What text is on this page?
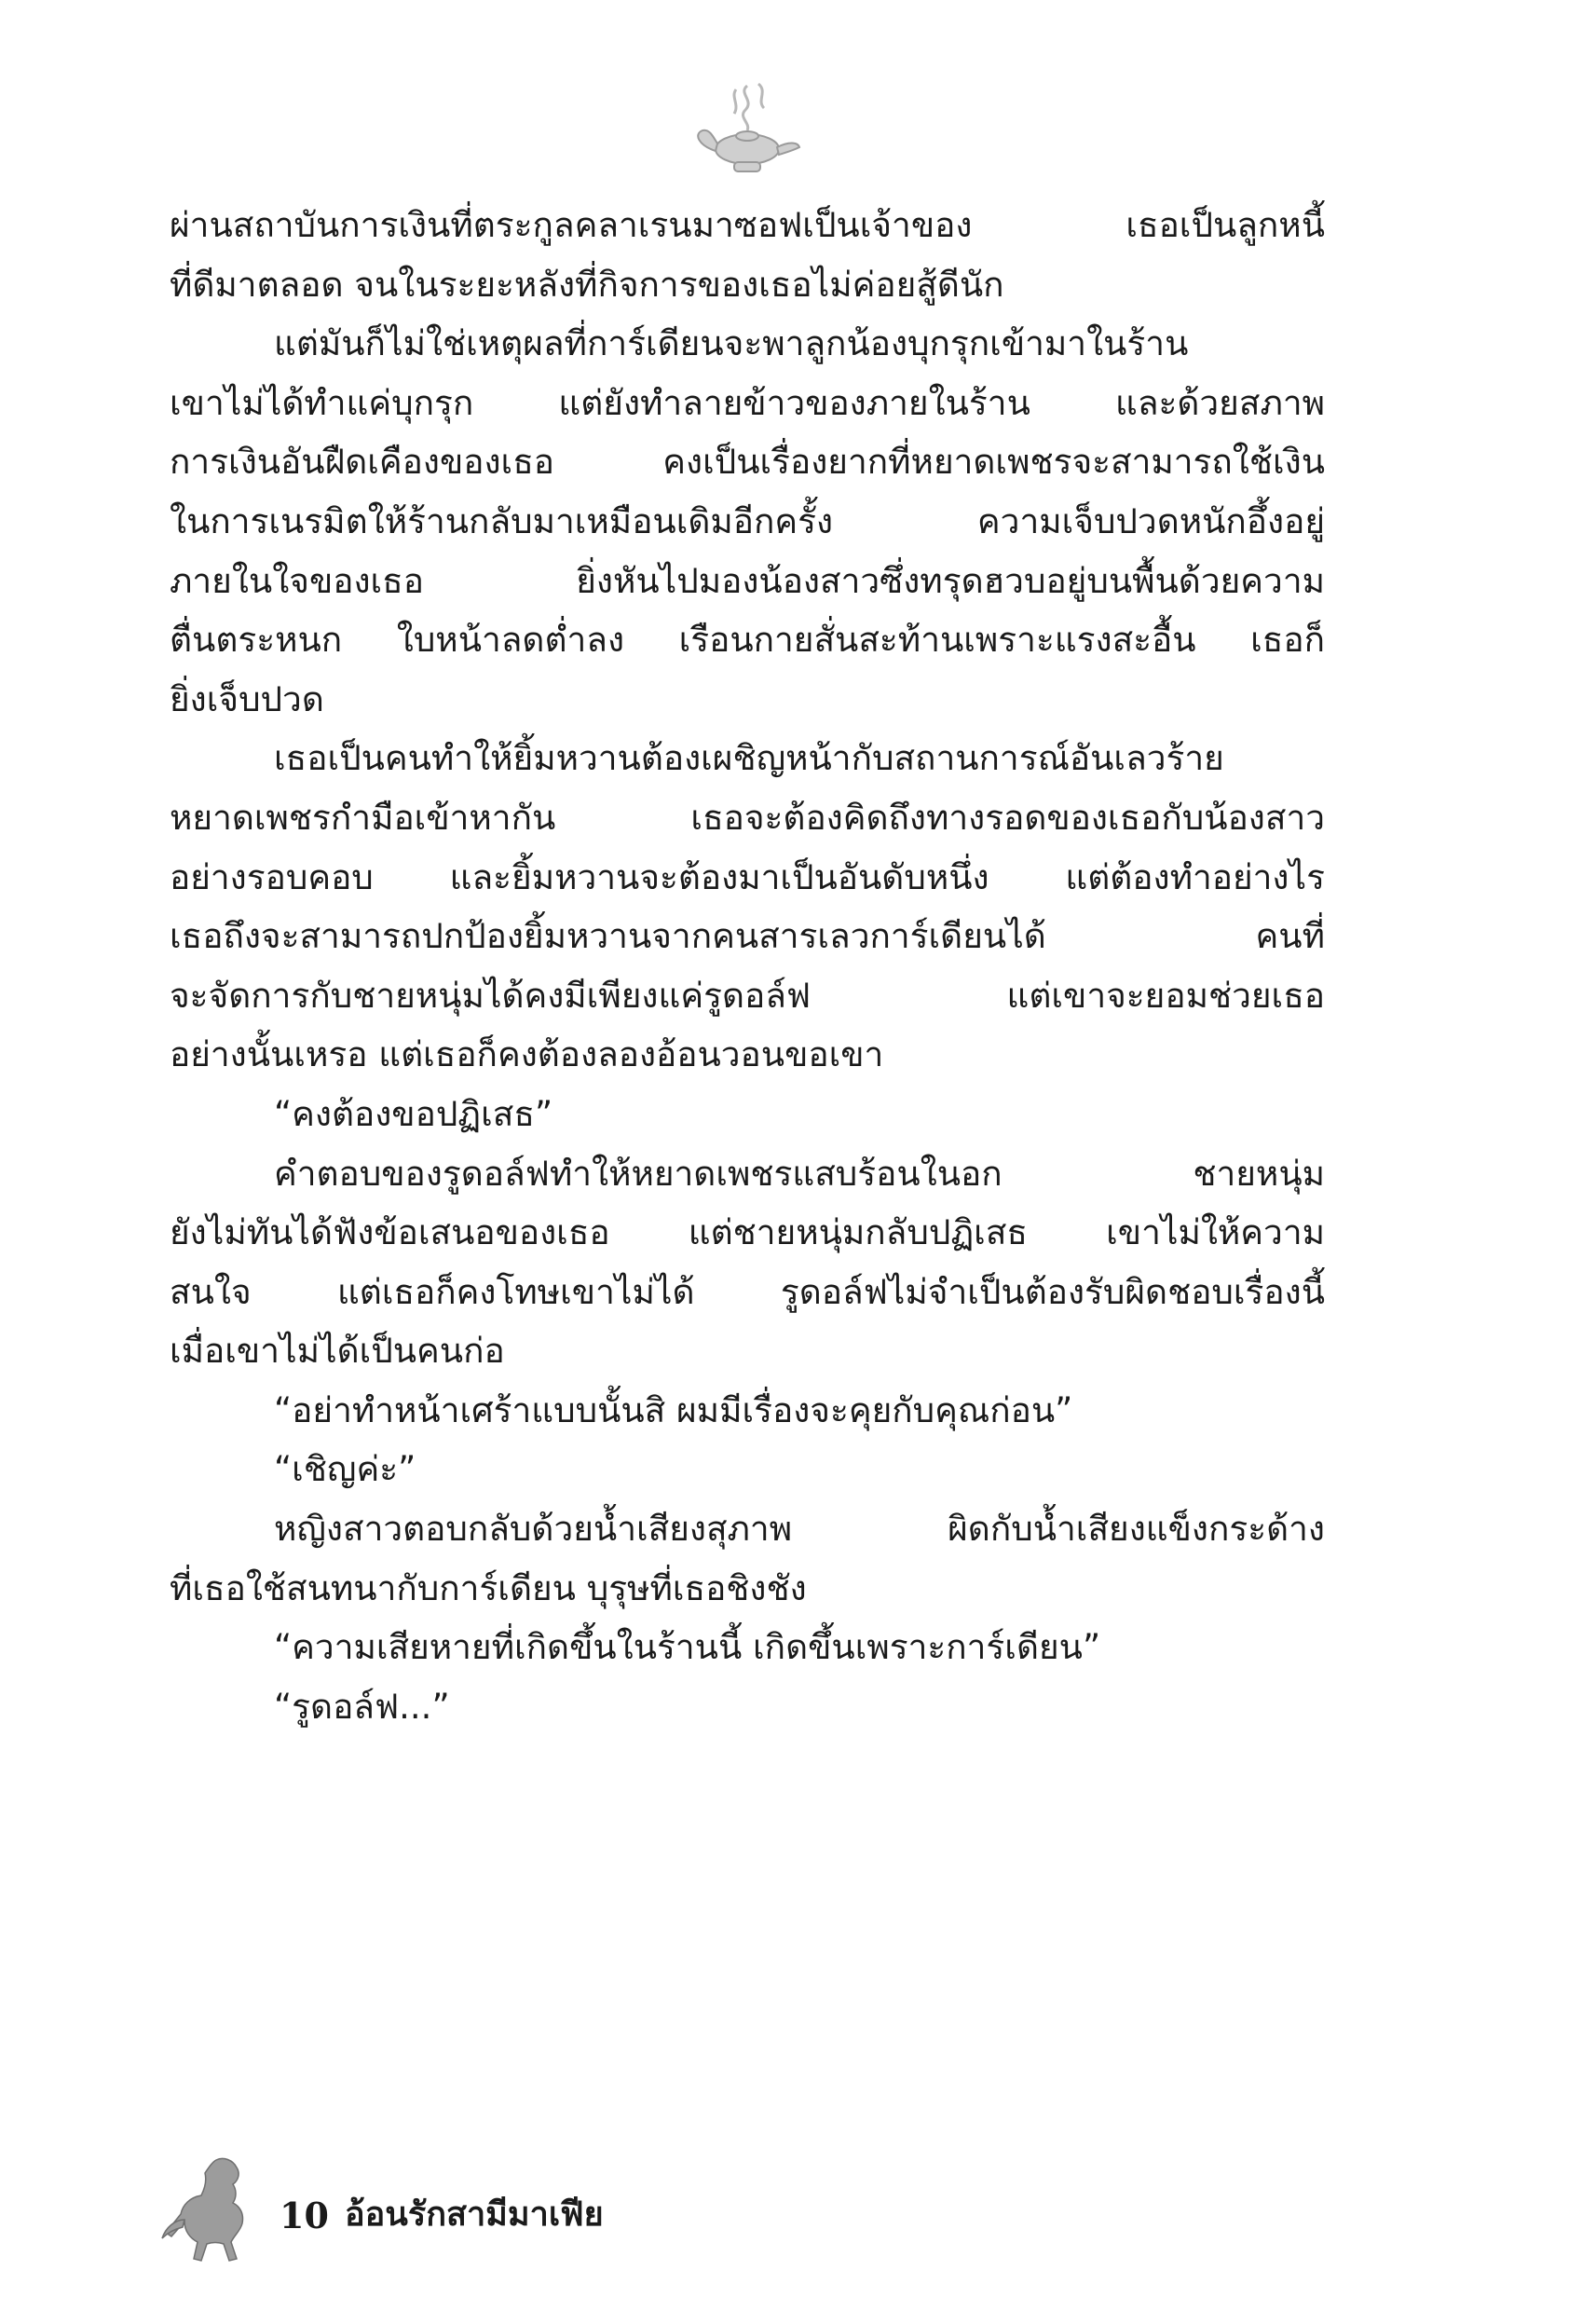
ผ่านสถาบันการเงินที่ตระกูลคลาเรนมาซอฟเป็นเจ้าของ เธอเป็นลูกหนี้
ที่ดีมาตลอด จนในระยะหลังที่กิจการของเธอไม่ค่อยสู้ดีนัก
แต่มันก็ไม่ใช่เหตุผลที่การ์เดียนจะพาลูกน้องบุกรุกเข้ามาในร้าน
เขาไม่ได้ทำแค่บุกรุก แต่ยังทำลายข้าวของภายในร้าน และด้วยสภาพ
การเงินอันฝืดเคืองของเธอ คงเป็นเรื่องยากที่หยาดเพชรจะสามารถใช้เงิน
ในการเนรมิตให้ร้านกลับมาเหมือนเดิมอีกครั้ง ความเจ็บปวดหนักอึ้งอยู่
ภายในใจของเธอ ยิ่งหันไปมองน้องสาวซึ่งทรุดฮวบอยู่บนพื้นด้วยความ
ตื่นตระหนก ใบหน้าลดต่ำลง เรือนกายสั่นสะท้านเพราะแรงสะอื้น เธอก็
ยิ่งเจ็บปวด
เธอเป็นคนทำให้ยิ้มหวานต้องเผชิญหน้ากับสถานการณ์อันเลวร้าย
หยาดเพชรกำมือเข้าหากัน เธอจะต้องคิดถึงทางรอดของเธอกับน้องสาว
อย่างรอบคอบ และยิ้มหวานจะต้องมาเป็นอันดับหนึ่ง แต่ต้องทำอย่างไร
เธอถึงจะสามารถปกป้องยิ้มหวานจากคนสารเลวการ์เดียนได้ คนที่
จะจัดการกับชายหนุ่มได้คงมีเพียงแค่รูดอล์ฟ แต่เขาจะยอมช่วยเธอ
อย่างนั้นเหรอ แต่เธอก็คงต้องลองอ้อนวอนขอเขา
“คงต้องขอปฏิเสธ”
คำตอบของรูดอล์ฟทำให้หยาดเพชรแสบร้อนในอก ชายหนุ่ม
ยังไม่ทันได้ฟังข้อเสนอของเธอ แต่ชายหนุ่มกลับปฏิเสธ เขาไม่ให้ความ
สนใจ แต่เธอก็คงโทษเขาไม่ได้ รูดอล์ฟไม่จำเป็นต้องรับผิดชอบเรื่องนี้
เมื่อเขาไม่ได้เป็นคนก่อ
“อย่าทำหน้าเศร้าแบบนั้นสิ ผมมีเรื่องจะคุยกับคุณก่อน”
“เชิญค่ะ”
หญิงสาวตอบกลับด้วยน้ำเสียงสุภาพ ผิดกับน้ำเสียงแข็งกระด้าง
ที่เธอใช้สนทนากับการ์เดียน บุรุษที่เธอชิงชัง
“ความเสียหายที่เกิดขึ้นในร้านนี้ เกิดขึ้นเพราะการ์เดียน”
“รูดอล์ฟ...”
10 อ้อนรักสามีมาเฟีย
